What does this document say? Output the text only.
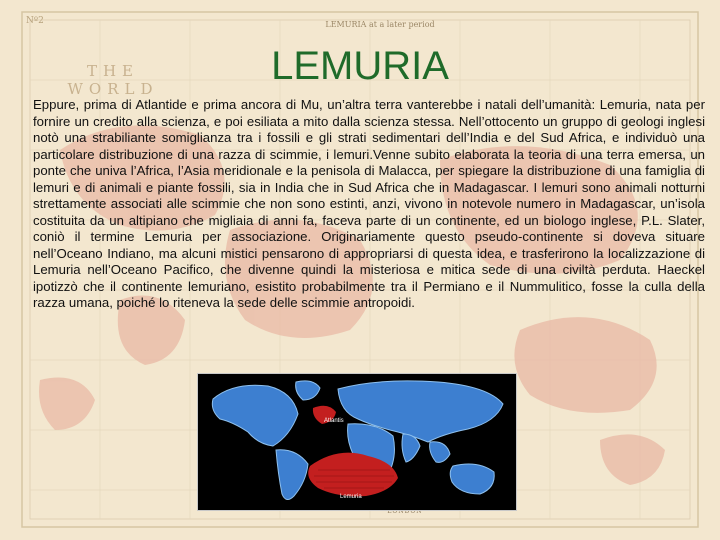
Nº2
THE WORLD
LEMURIA at a later period
LEMURIA

Eppure, prima di Atlantide e prima ancora di Mu, un’altra terra vanterebbe i natali dell’umanità: Lemuria, nata per fornire un credito alla scienza, e poi esiliata a mito dalla scienza stessa. Nell’ottocento un gruppo di geologi inglesi notò una strabiliante somiglianza tra i fossili e gli strati sedimentari dell’India e del Sud Africa, e individuò una particolare distribuzione di una razza di scimmie, i lemuri.Venne subito elaborata la teoria di una terra emersa, un ponte che univa l’Africa, l’Asia meridionale e la penisola di Malacca, per spiegare la distribuzione di una famiglia di lemuri e di animali e piante fossili, sia in India che in Sud Africa che in Madagascar. I lemuri sono animali notturni strettamente associati alle scimmie che non sono estinti, anzi, vivono in notevole numero in Madagascar, un’isola costituita da un altipiano che migliaia di anni fa, faceva parte di un continente, ed un biologo inglese, P.L. Slater, coniò il termine Lemuria per associazione. Originariamente questo pseudo-continente si doveva situare nell’Oceano Indiano, ma alcuni mistici pensarono di appropriarsi di questa idea, e trasferirono la localizzazione di Lemuria nell’Oceano Pacifico, che divenne quindi la misteriosa e mitica sede di una civiltà perduta. Haeckel ipotizzò che il continente lemuriano, esistito probabilmente tra il Permiano e il Nummulitico, fosse la culla della razza umana, poiché lo riteneva la sede delle scimmie antropoidi.

Atlantis
Lemuria
